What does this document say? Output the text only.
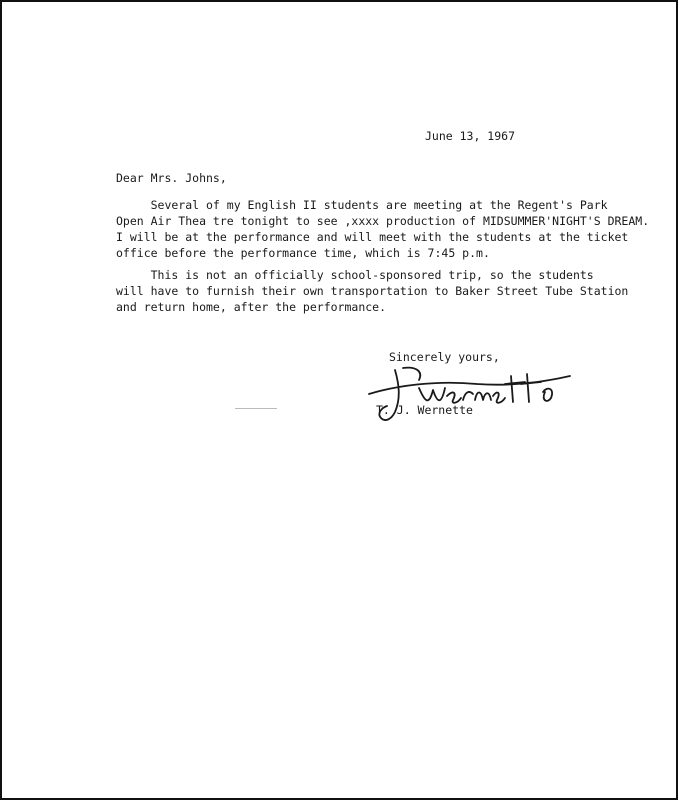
June 13, 1967
Dear Mrs. Johns,

Several of my English II students are meeting at the Regent's Park

Open Air Thea tre tonight to see ,xxxx production of MIDSUMMER'NIGHT'S DREAM.

I will be at the performance and will meet with the students at the ticket

office before the performance time, which is 7:45 p.m.

This is not an officially school-sponsored trip, so the students

will have to furnish their own transportation to Baker Street Tube Station

and return home, after the performance.

Sincerely yours,
T. J. Wernette
